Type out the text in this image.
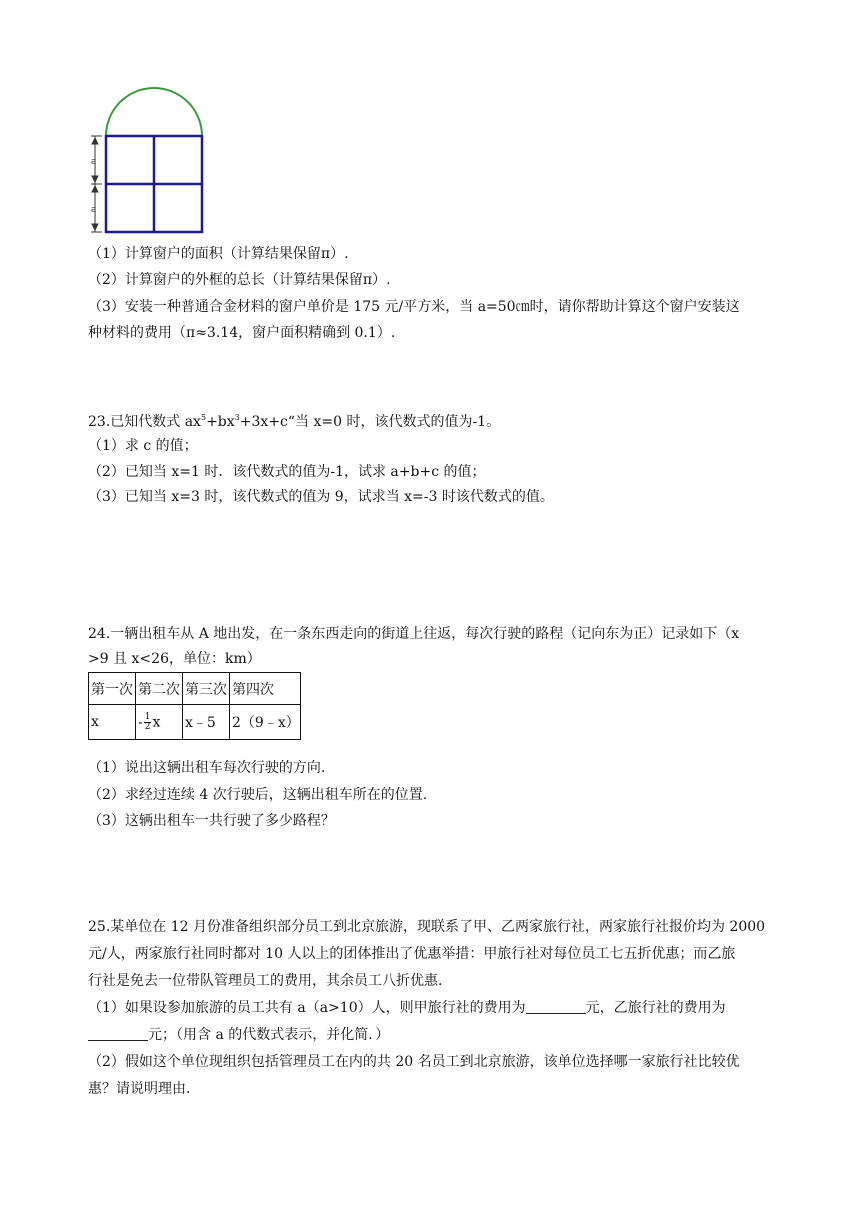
a
a
（1）计算窗户的面积（计算结果保留π）.
（2）计算窗户的外框的总长（计算结果保留π）.
（3）安装一种普通合金材料的窗户单价是 175 元/平方米，当 a=50㎝时，请你帮助计算这个窗户安装这
种材料的费用（π≈3.14，窗户面积精确到 0.1）.
23.已知代数式 $ax^5+bx^3+3x+c“$当 x=0 时，该代数式的值为-1。
（1）求 c 的值；
（2）已知当 x=1 时．该代数式的值为-1，试求 a+b+c 的值；
（3）已知当 x=3 时，该代数式的值为 9，试求当 x=-3 时该代数式的值。
24.一辆出租车从 A 地出发，在一条东西走向的街道上往返，每次行驶的路程（记向东为正）记录如下（x
>9 且 x<26，单位：km）
第一次	第二次	第三次	第四次
x	- $\frac{1}{2}$ x	x﹣5	2（9﹣x）
（1）说出这辆出租车每次行驶的方向.
（2）求经过连续 4 次行驶后，这辆出租车所在的位置.
（3）这辆出租车一共行驶了多少路程？
25.某单位在 12 月份准备组织部分员工到北京旅游，现联系了甲、乙两家旅行社，两家旅行社报价均为 2000
元/人，两家旅行社同时都对 10 人以上的团体推出了优惠举措：甲旅行社对每位员工七五折优惠；而乙旅
行社是免去一位带队管理员工的费用，其余员工八折优惠.
（1）如果设参加旅游的员工共有 a（a>10）人，则甲旅行社的费用为	元，乙旅行社的费用为
元；（用含 a 的代数式表示，并化简．）
（2）假如这个单位现组织包括管理员工在内的共 20 名员工到北京旅游，该单位选择哪一家旅行社比较优
惠？请说明理由.
